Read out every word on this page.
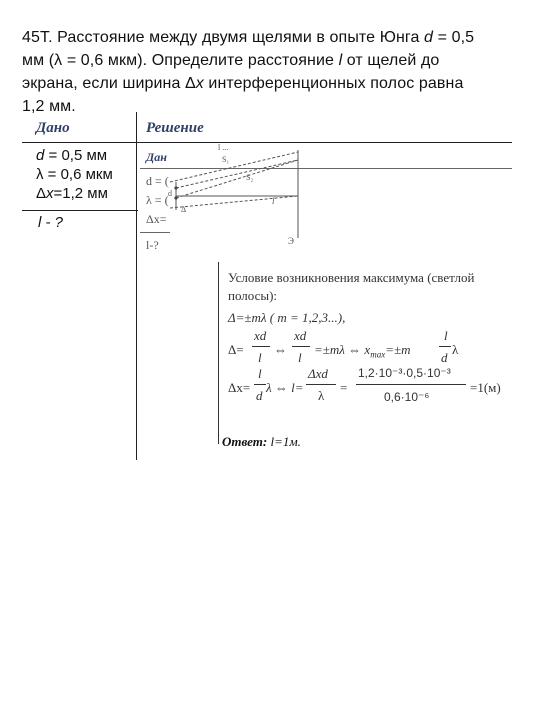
45Т. Расстояние между двумя щелями в опыте Юнга d = 0,5
мм (λ = 0,6 мкм). Определите расстояние l от щелей до
экрана, если ширина Δx интерференционных полос равна
1,2 мм.
Дано	Решение
d = 0,5 мм
λ = 0,6 мкм
Δx=1,2 мм
l - ?
Дан
d = (
λ = (
Δx=
l-?
S₁
S₂
d
Δ
l
Э
l ...
Условие возникновения максимума (светлой
полосы):
Δ=±mλ ( m = 1,2,3...),
Δ=
xd
l
⇔
xd
l
=±mλ ⇔ $x_{max}=\pm m$
l
d
λ
Δx=
l
d
λ ⇔ l=
Δxd
λ
=
1,2·10⁻³·0,5·10⁻³
0,6·10⁻⁶
=1(м)
Ответ: l=1м.
